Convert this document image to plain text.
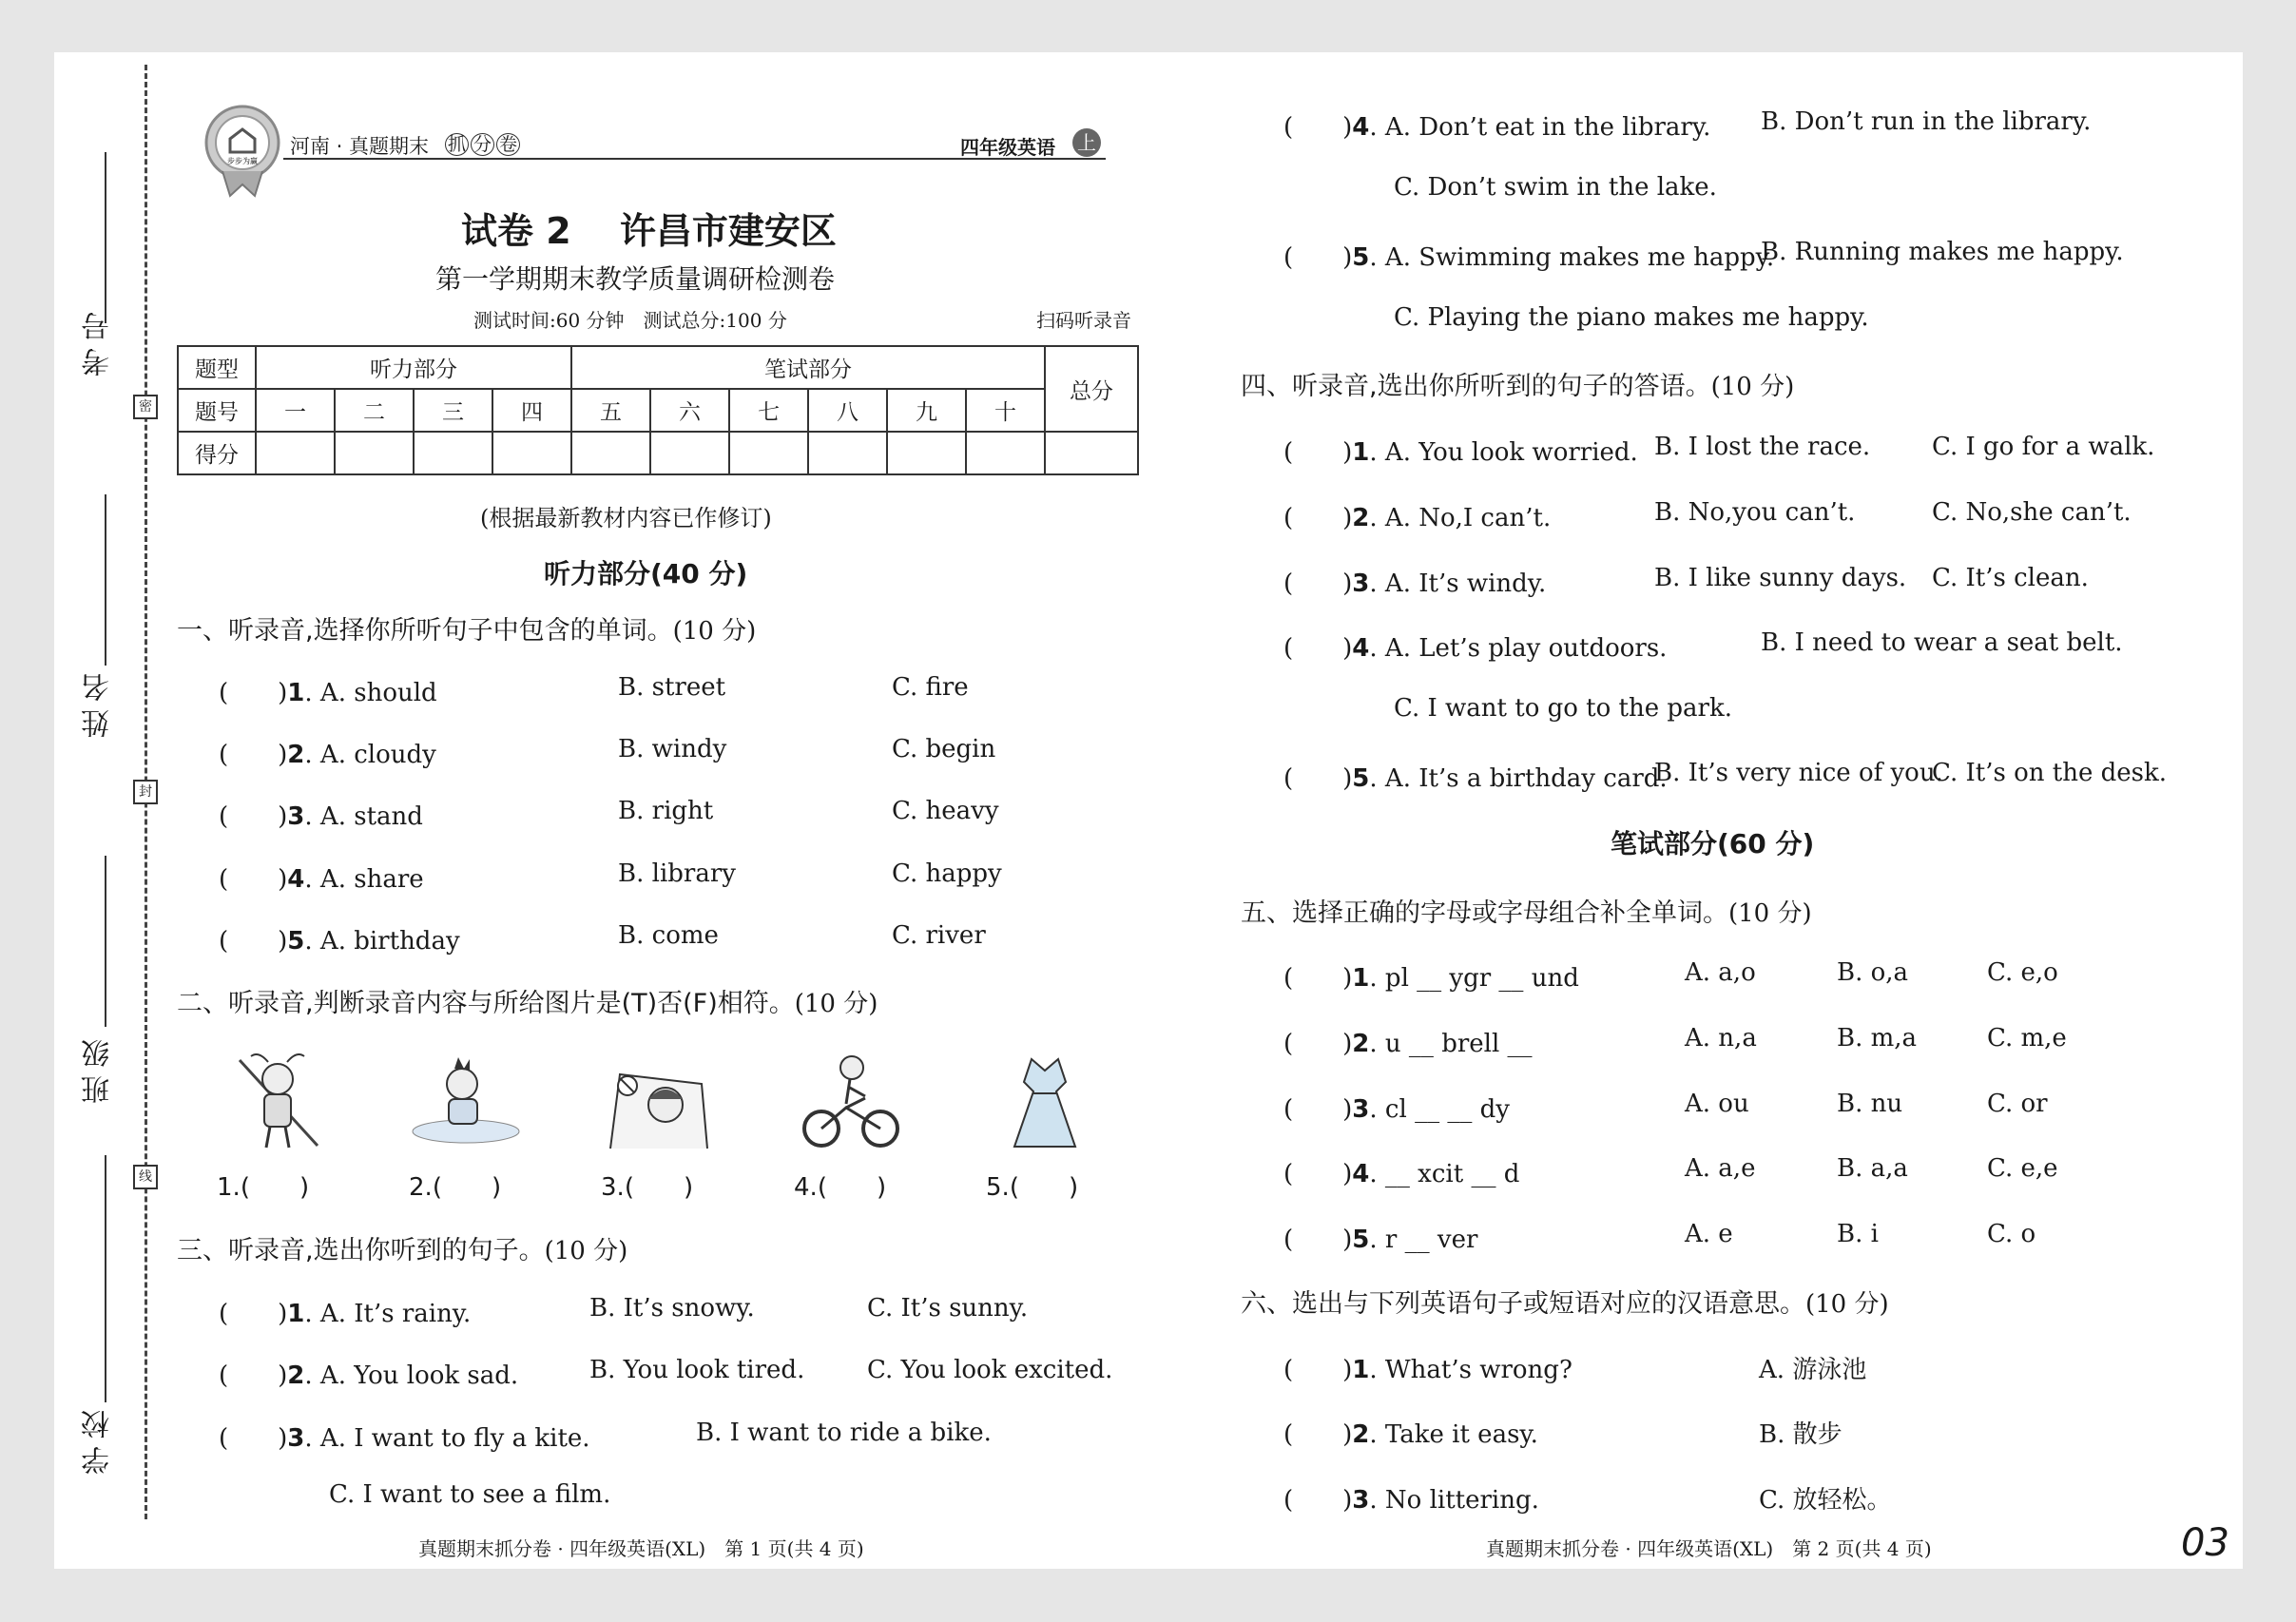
考号
姓名
班级
学校
密
封
线
步步为赢
河南 · 真题期末 抓 分 卷	四年级英语 上
试卷 2　 许昌市建安区
第一学期期末教学质量调研检测卷
测试时间:60 分钟　测试总分:100 分	扫码听录音
题型	听力部分				笔试部分						总分
题号	一	二	三	四	五	六	七	八	九	十	
得分											
(根据最新教材内容已作修订)
听力部分(40 分)
一、听录音,选择你所听句子中包含的单词。(10 分)
(　　)1. A. should	B. street	C. fire
(　　)2. A. cloudy	B. windy	C. begin
(　　)3. A. stand	B. right	C. heavy
(　　)4. A. share	B. library	C. happy
(　　)5. A. birthday	B. come	C. river
二、听录音,判断录音内容与所给图片是(T)否(F)相符。(10 分)
1.(　　)	2.(　　)	3.(　　)	4.(　　)	5.(　　)
三、听录音,选出你听到的句子。(10 分)
(　　)1. A. It’s rainy.	B. It’s snowy.	C. It’s sunny.
(　　)2. A. You look sad.	B. You look tired.	C. You look excited.
(　　)3. A. I want to fly a kite.	B. I want to ride a bike.
C. I want to see a film.
真题期末抓分卷 · 四年级英语(XL)　第 1 页(共 4 页)
(　　)4. A. Don’t eat in the library. B. Don’t run in the library.
C. Don’t swim in the lake.
(　　)5. A. Swimming makes me happy.
B. Running makes me happy.
C. Playing the piano makes me happy.
四、听录音,选出你所听到的句子的答语。(10 分)
(　　)1. A. You look worried. B. I lost the race. C. I go for a walk.
(　　)2. A. No,I can’t.	B. No,you can’t.	C. No,she can’t.
(　　)3. A. It’s windy.	B. I like sunny days. C. It’s clean.
(　　)4. A. Let’s play outdoors.	B. I need to wear a seat belt.
C. I want to go to the park.
(　　)5. A. It’s a birthday card.
B. It’s very nice of you.
C. It’s on the desk.
笔试部分(60 分)
五、选择正确的字母或字母组合补全单词。(10 分)
(　　)1. pl __ ygr __ und	A. a,o	B. o,a	C. e,o
(　　)2. u __ brell __	A. n,a	B. m,a	C. m,e
(　　)3. cl __ __ dy	A. ou	B. nu	C. or
(　　)4. __ xcit __ d	A. a,e	B. a,a	C. e,e
(　　)5. r __ ver	A. e	B. i	C. o
六、选出与下列英语句子或短语对应的汉语意思。(10 分)
(　　)1. What’s wrong?	A. 游泳池
(　　)2. Take it easy.	B. 散步
(　　)3. No littering.	C. 放轻松。
真题期末抓分卷 · 四年级英语(XL)　第 2 页(共 4 页)	03
